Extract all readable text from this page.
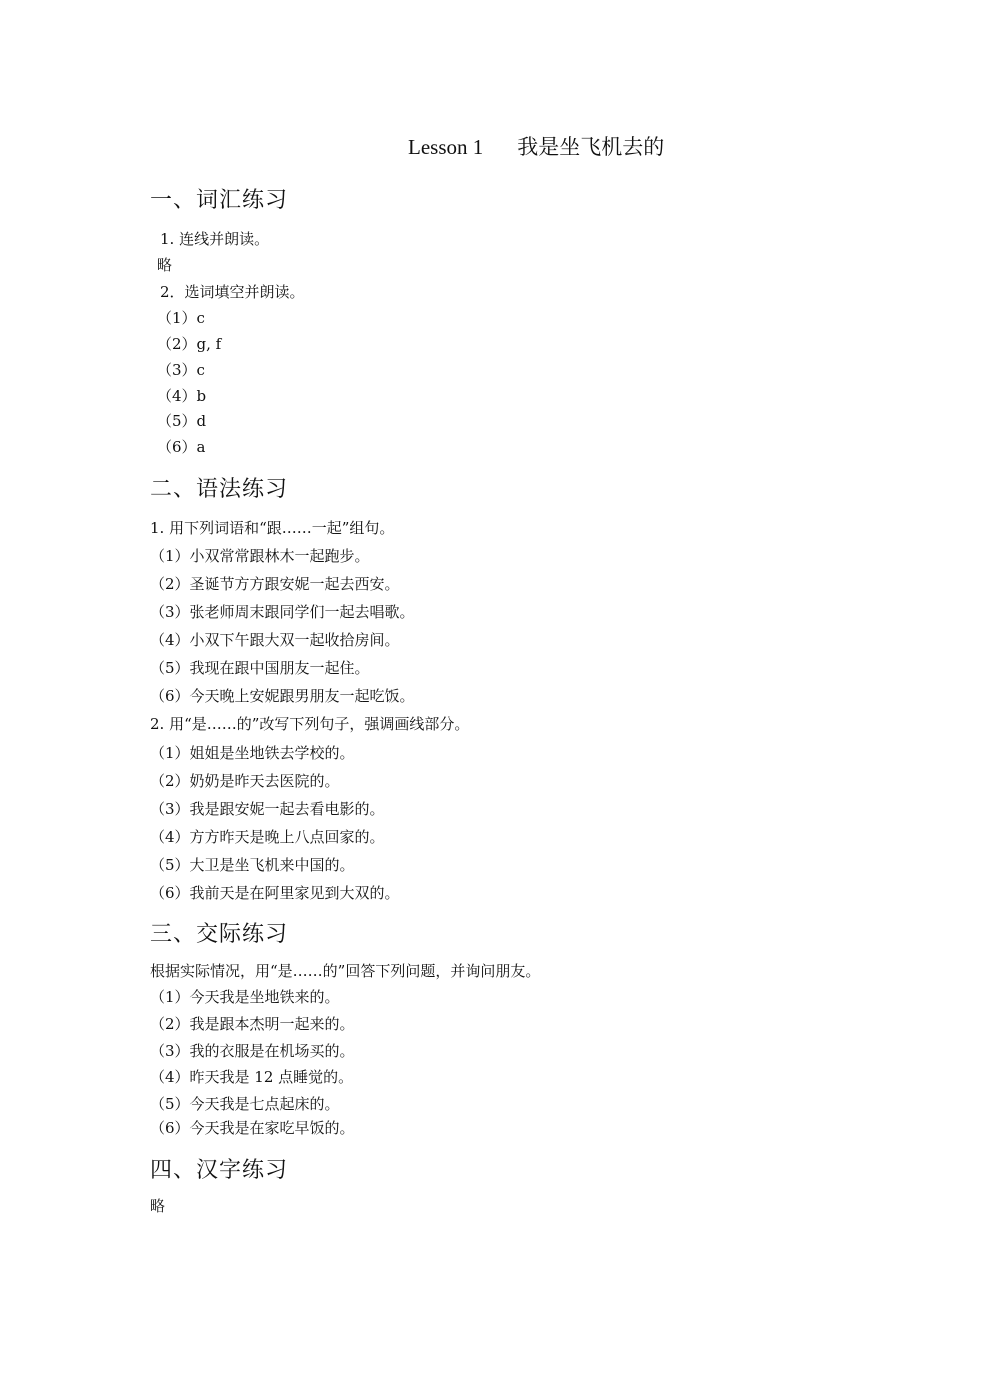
Lesson 1 我是坐飞机去的
一、词汇练习
1. 连线并朗读。
略
2．选词填空并朗读。
（1）c
（2）g, f
（3）c
（4）b
（5）d
（6）a
二、语法练习
1. 用下列词语和“跟……一起”组句。
（1）小双常常跟林木一起跑步。
（2）圣诞节方方跟安妮一起去西安。
（3）张老师周末跟同学们一起去唱歌。
（4）小双下午跟大双一起收拾房间。
（5）我现在跟中国朋友一起住。
（6）今天晚上安妮跟男朋友一起吃饭。
2. 用“是……的”改写下列句子，强调画线部分。
（1）姐姐是坐地铁去学校的。
（2）奶奶是昨天去医院的。
（3）我是跟安妮一起去看电影的。
（4）方方昨天是晚上八点回家的。
（5）大卫是坐飞机来中国的。
（6）我前天是在阿里家见到大双的。
三、交际练习
根据实际情况，用“是……的”回答下列问题，并询问朋友。
（1）今天我是坐地铁来的。
（2）我是跟本杰明一起来的。
（3）我的衣服是在机场买的。
（4）昨天我是 12 点睡觉的。
（5）今天我是七点起床的。
（6）今天我是在家吃早饭的。
四、汉字练习
略
